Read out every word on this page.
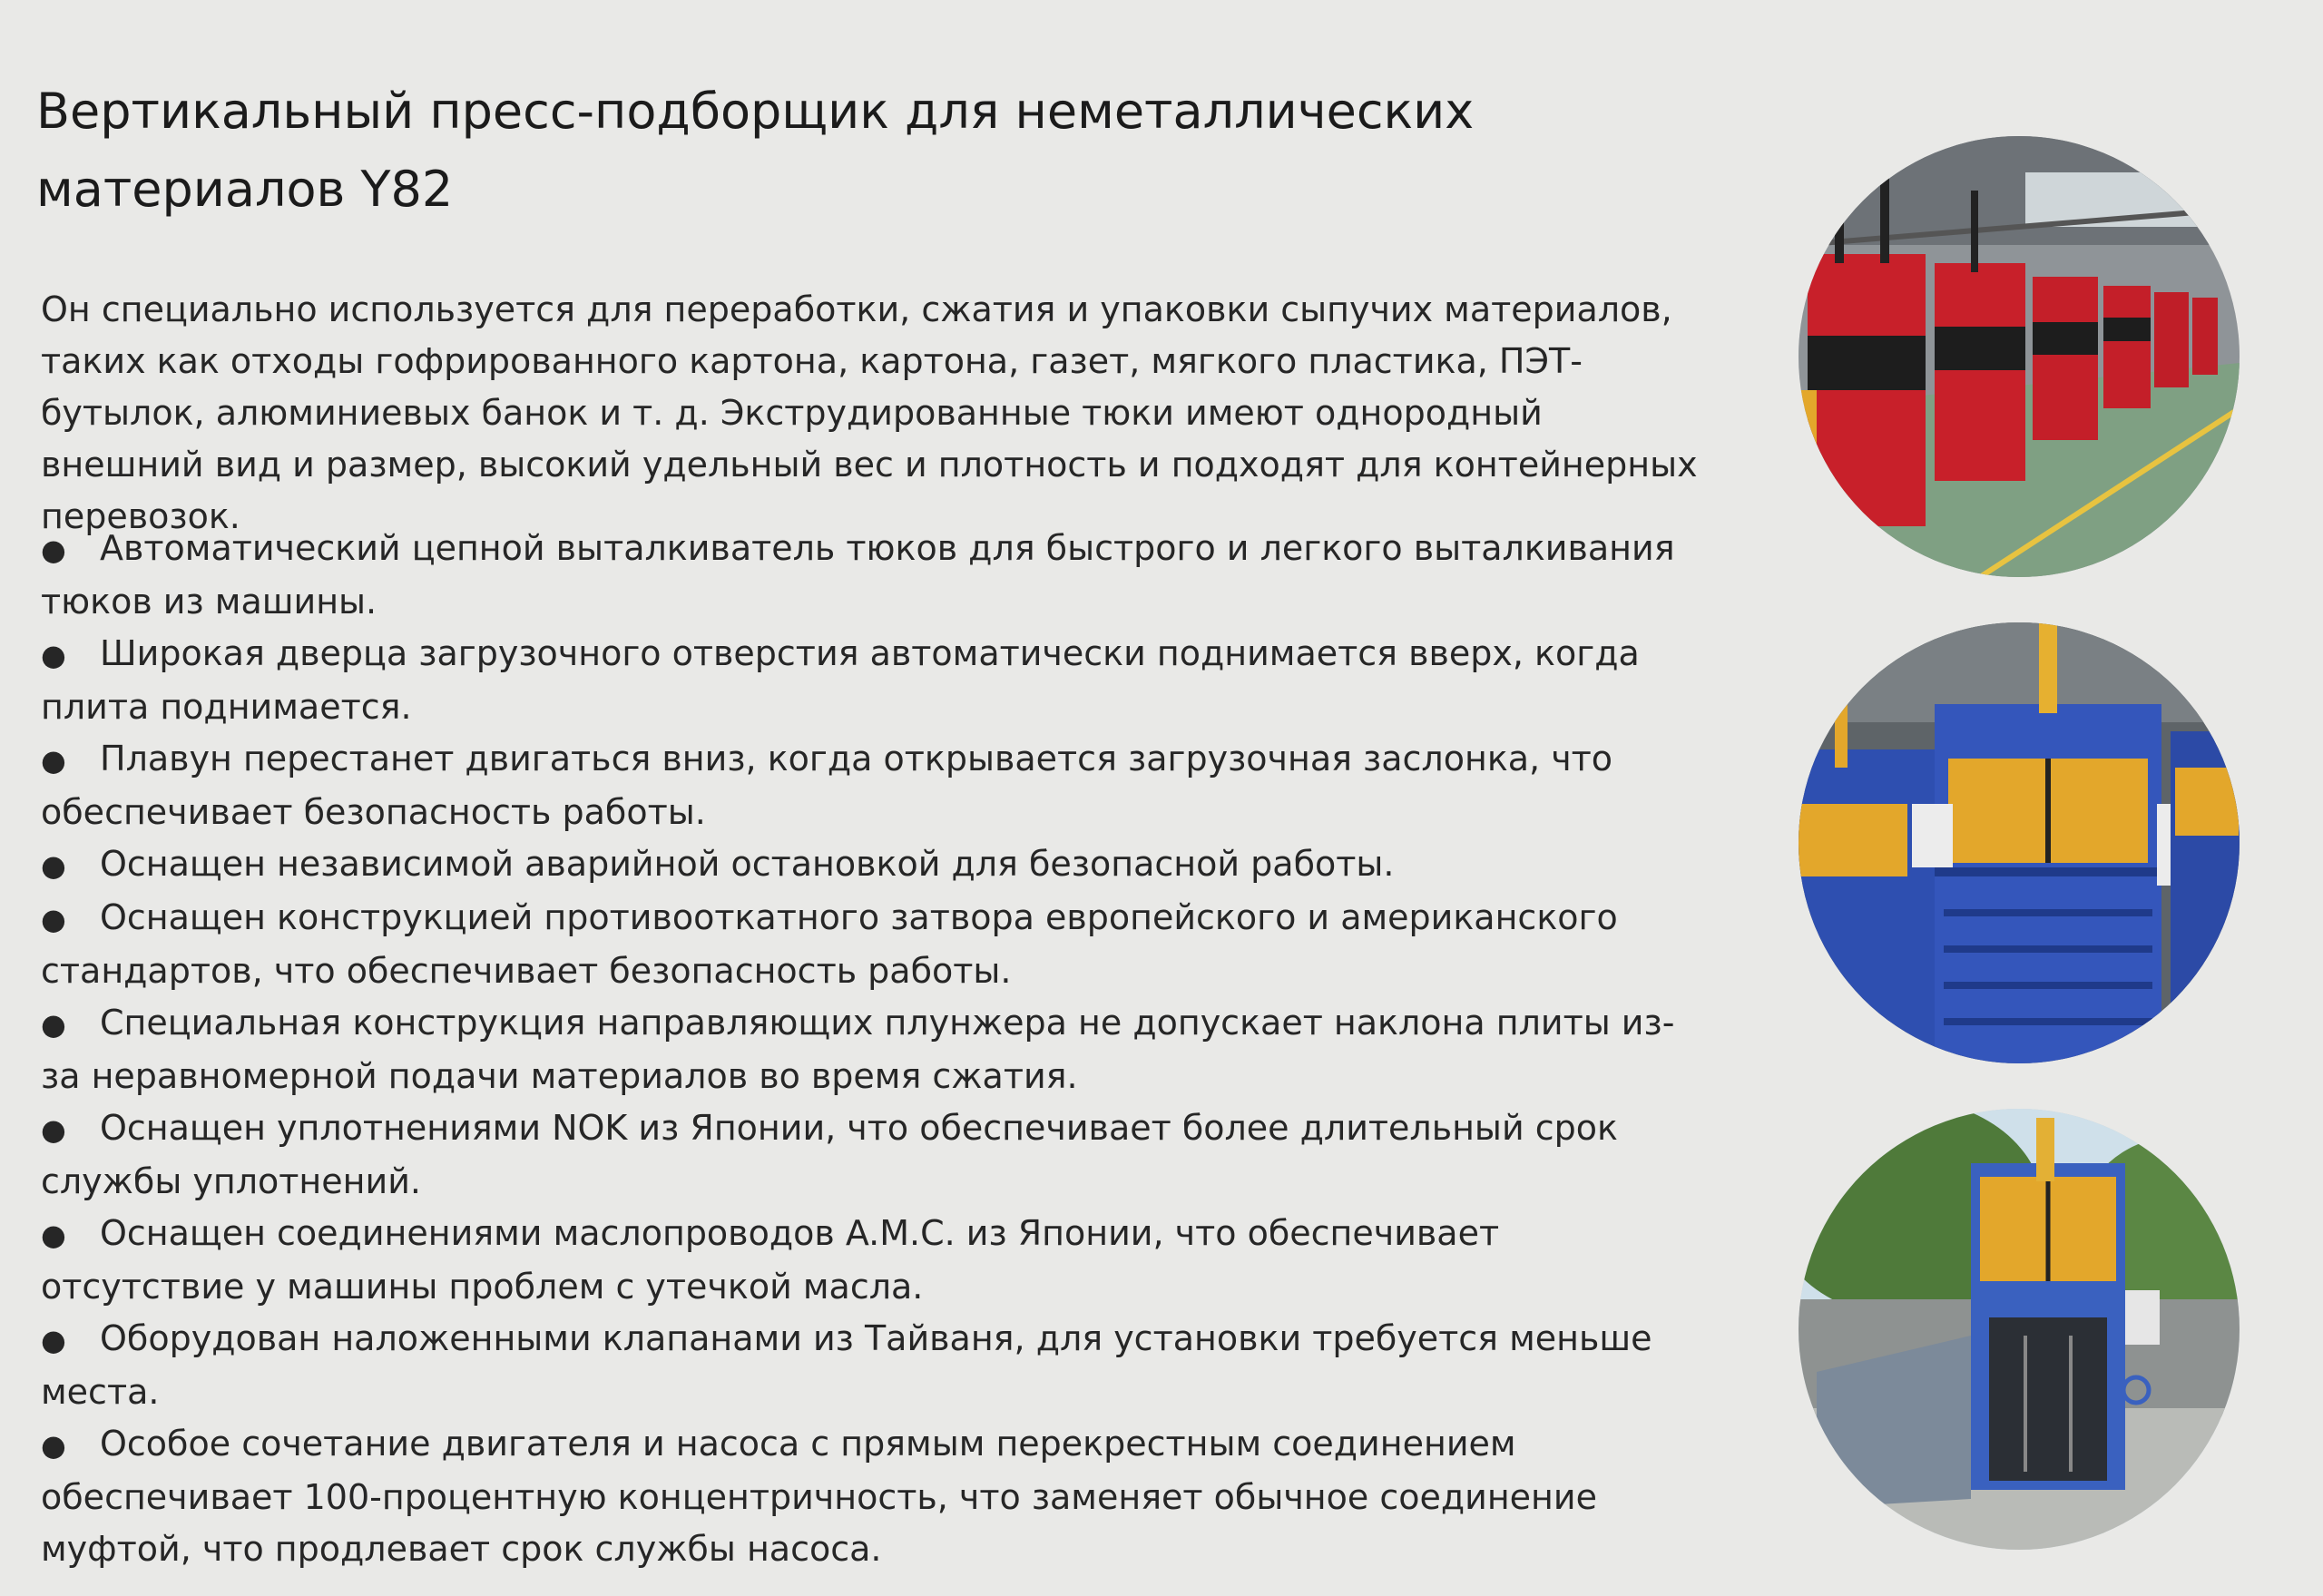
Вертикальный пресс-подборщик для неметаллических материалов Y82

Он специально используется для переработки, сжатия и упаковки сыпучих материалов, таких как отходы гофрированного картона, картона, газет, мягкого пластика, ПЭТ-бутылок, алюминиевых банок и т. д. Экструдированные тюки имеют однородный внешний вид и размер, высокий удельный вес и плотность и подходят для контейнерных перевозок.

● Автоматический цепной выталкиватель тюков для быстрого и легкого выталкивания тюков из машины.
● Широкая дверца загрузочного отверстия автоматически поднимается вверх, когда плита поднимается.
● Плавун перестанет двигаться вниз, когда открывается загрузочная заслонка, что обеспечивает безопасность работы.
● Оснащен независимой аварийной остановкой для безопасной работы.
● Оснащен конструкцией противооткатного затвора европейского и американского стандартов, что обеспечивает безопасность работы.
● Специальная конструкция направляющих плунжера не допускает наклона плиты из-за неравномерной подачи материалов во время сжатия.
● Оснащен уплотнениями NOK из Японии, что обеспечивает более длительный срок службы уплотнений.
● Оснащен соединениями маслопроводов A.M.C. из Японии, что обеспечивает отсутствие у машины проблем с утечкой масла.
● Оборудован наложенными клапанами из Тайваня, для установки требуется меньше места.
● Особое сочетание двигателя и насоса с прямым перекрестным соединением обеспечивает 100-процентную концентричность, что заменяет обычное соединение муфтой, что продлевает срок службы насоса.
